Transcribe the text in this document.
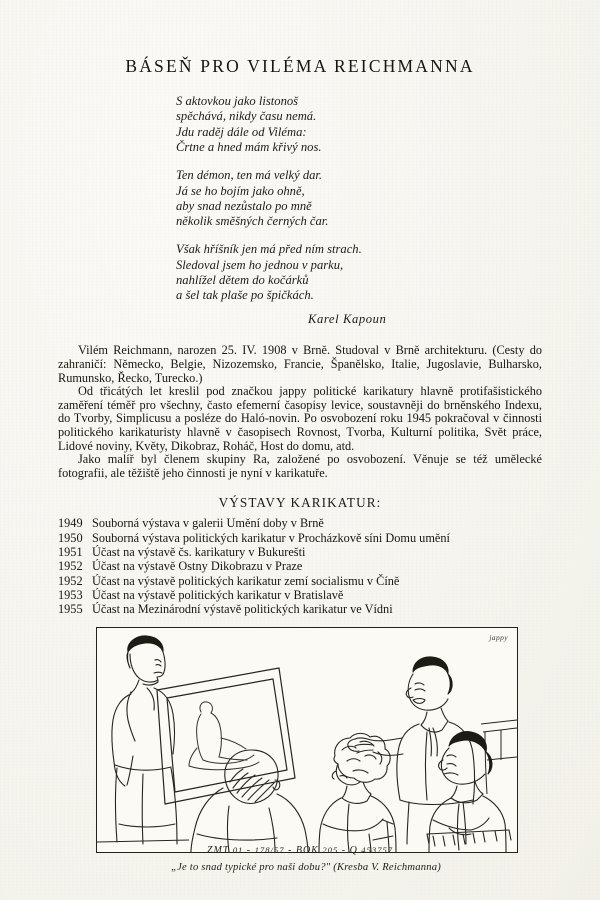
BÁSEŇ PRO VILÉMA REICHMANNA
S aktovkou jako listonoš
spěchává, nikdy času nemá.
Jdu raděj dále od Viléma:
Črtne a hned mám křivý nos.
Ten démon, ten má velký dar.
Já se ho bojím jako ohně,
aby snad nezůstalo po mně
několik směšných černých čar.
Však hříšník jen má před ním strach.
Sledoval jsem ho jednou v parku,
nahlížel dětem do kočárků
a šel tak plaše po špičkách.
Karel Kapoun

Vilém Reichmann, narozen 25. IV. 1908 v Brně. Studoval v Brně architekturu. (Cesty do zahraničí: Německo, Belgie, Nizozemsko, Francie, Španělsko, Italie, Jugoslavie, Bulharsko, Rumunsko, Řecko, Turecko.)

Od třicátých let kreslil pod značkou jappy politické karikatury hlavně protifašistického zaměření téměř pro všechny, často efemerní časopisy levice, soustavněji do brněnského Indexu, do Tvorby, Simplicusu a posléze do Haló-novin. Po osvobození roku 1945 pokračoval v činnosti politického karikaturisty hlavně v časopisech Rovnost, Tvorba, Kulturní politika, Svět práce, Lidové noviny, Květy, Dikobraz, Roháč, Host do domu, atd.

Jako malíř byl členem skupiny Ra, založené po osvobození. Věnuje se též umělecké fotografii, ale těžiště jeho činnosti je nyní v karikatuře.

VÝSTAVY KARIKATUR:
1949 Souborná výstava v galerii Umění doby v Brně
1950 Souborná výstava politických karikatur v Procházkově síni Domu umění
1951 Účast na výstavě čs. karikatury v Bukurešti
1952 Účast na výstavě Ostny Dikobrazu v Praze
1952 Účast na výstavě politických karikatur zemí socialismu v Číně
1953 Účast na výstavě politických karikatur v Bratislavě
1955 Účast na Mezinárodní výstavě politických karikatur ve Vídni
jappy
„Je to snad typické pro naši dobu?" (Kresba V. Reichmanna)
ZMT 01 - 178/57 - BOK 205 - Q 453757
